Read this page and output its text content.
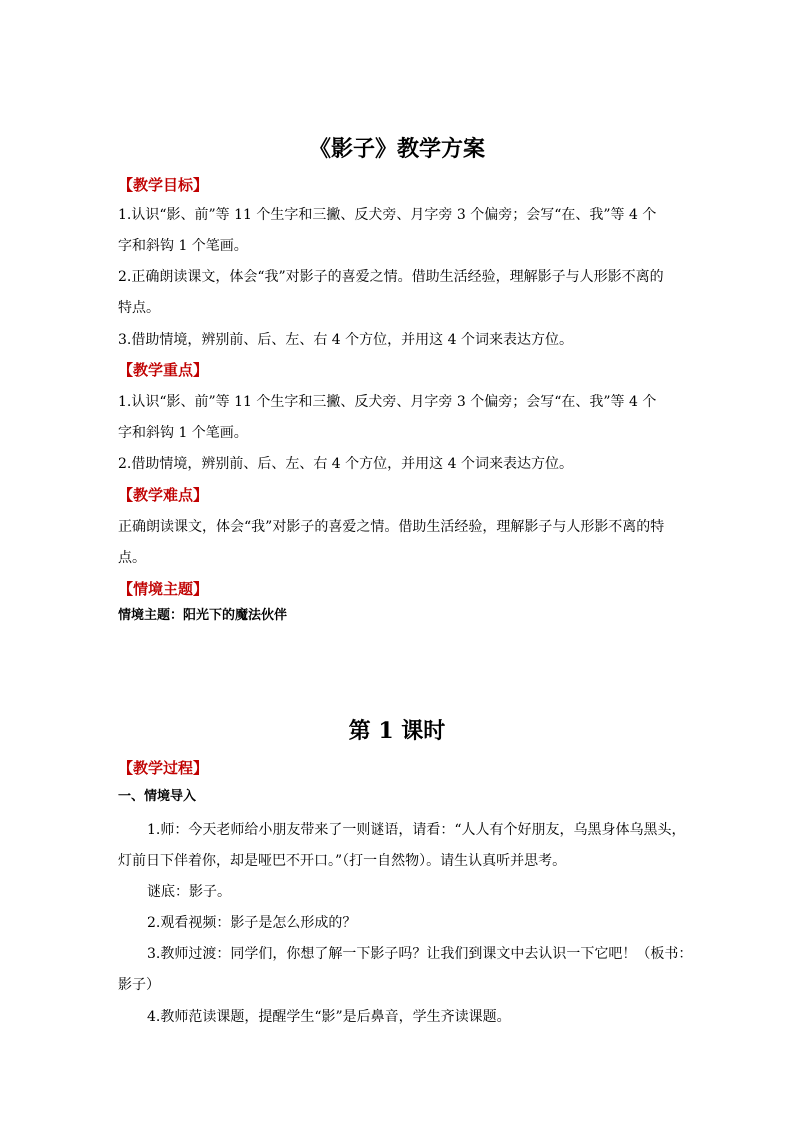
《影子》教学方案
【教学目标】
1.认识“影、前”等 11 个生字和三撇、反犬旁、月字旁 3 个偏旁；会写“在、我”等 4 个
字和斜钩 1 个笔画。
2.正确朗读课文，体会“我”对影子的喜爱之情。借助生活经验，理解影子与人形影不离的
特点。
3.借助情境，辨别前、后、左、右 4 个方位，并用这 4 个词来表达方位。
【教学重点】
1.认识“影、前”等 11 个生字和三撇、反犬旁、月字旁 3 个偏旁；会写“在、我”等 4 个
字和斜钩 1 个笔画。
2.借助情境，辨别前、后、左、右 4 个方位，并用这 4 个词来表达方位。
【教学难点】
正确朗读课文，体会“我”对影子的喜爱之情。借助生活经验，理解影子与人形影不离的特
点。
【情境主题】
情境主题：阳光下的魔法伙伴
第 1 课时
【教学过程】
一、情境导入
1.师：今天老师给小朋友带来了一则谜语，请看：“人人有个好朋友，乌黑身体乌黑头，
灯前日下伴着你，却是哑巴不开口。”（打一自然物）。请生认真听并思考。
谜底：影子。
2.观看视频：影子是怎么形成的？
3.教师过渡：同学们，你想了解一下影子吗？让我们到课文中去认识一下它吧！（板书：
影子）
4.教师范读课题，提醒学生“影”是后鼻音，学生齐读课题。
